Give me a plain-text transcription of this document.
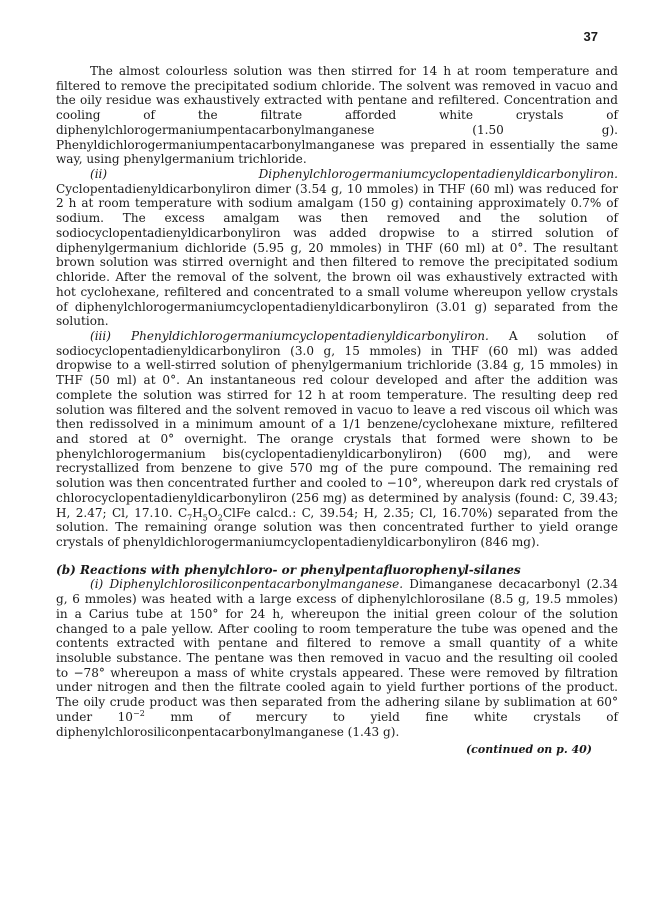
37

The almost colourless solution was then stirred for 14 h at room temperature and filtered to remove the precipitated sodium chloride. The solvent was removed in vacuo and the oily residue was exhaustively extracted with pentane and refiltered. Concentration and cooling of the filtrate afforded white crystals of diphenylchlorogermaniumpentacarbonylmanganese (1.50 g). Phenyldichlorogermaniumpentacarbonylmanganese was prepared in essentially the same way, using phenylgermanium trichloride.

(ii) Diphenylchlorogermaniumcyclopentadienyldicarbonyliron. Cyclopentadienyldicarbonyliron dimer (3.54 g, 10 mmoles) in THF (60 ml) was reduced for 2 h at room temperature with sodium amalgam (150 g) containing approximately 0.7% of sodium. The excess amalgam was then removed and the solution of sodiocyclopentadienyldicarbonyliron was added dropwise to a stirred solution of diphenylgermanium dichloride (5.95 g, 20 mmoles) in THF (60 ml) at 0°. The resultant brown solution was stirred overnight and then filtered to remove the precipitated sodium chloride. After the removal of the solvent, the brown oil was exhaustively extracted with hot cyclohexane, refiltered and concentrated to a small volume whereupon yellow crystals of diphenylchlorogermaniumcyclopentadienyldicarbonyliron (3.01 g) separated from the solution.

(iii) Phenyldichlorogermaniumcyclopentadienyldicarbonyliron. A solution of sodiocyclopentadienyldicarbonyliron (3.0 g, 15 mmoles) in THF (60 ml) was added dropwise to a well-stirred solution of phenylgermanium trichloride (3.84 g, 15 mmoles) in THF (50 ml) at 0°. An instantaneous red colour developed and after the addition was complete the solution was stirred for 12 h at room temperature. The resulting deep red solution was filtered and the solvent removed in vacuo to leave a red viscous oil which was then redissolved in a minimum amount of a 1/1 benzene/cyclohexane mixture, refiltered and stored at 0° overnight. The orange crystals that formed were shown to be phenylchlorogermanium bis(cyclopentadienyldicarbonyliron) (600 mg), and were recrystallized from benzene to give 570 mg of the pure compound. The remaining red solution was then concentrated further and cooled to −10°, whereupon dark red crystals of chlorocyclopentadienyldicarbonyliron (256 mg) as determined by analysis (found: C, 39.43; H, 2.47; Cl, 17.10. $C_7H_5O_2ClFe$ calcd.: C, 39.54; H, 2.35; Cl, 16.70%) separated from the solution. The remaining orange solution was then concentrated further to yield orange crystals of phenyldichlorogermaniumcyclopentadienyldicarbonyliron (846 mg).

(b) Reactions with phenylchloro- or phenylpentafluorophenyl-silanes

(i) Diphenylchlorosiliconpentacarbonylmanganese. Dimanganese decacarbonyl (2.34 g, 6 mmoles) was heated with a large excess of diphenylchlorosilane (8.5 g, 19.5 mmoles) in a Carius tube at 150° for 24 h, whereupon the initial green colour of the solution changed to a pale yellow. After cooling to room temperature the tube was opened and the contents extracted with pentane and filtered to remove a small quantity of a white insoluble substance. The pentane was then removed in vacuo and the resulting oil cooled to −78° whereupon a mass of white crystals appeared. These were removed by filtration under nitrogen and then the filtrate cooled again to yield further portions of the product. The oily crude product was then separated from the adhering silane by sublimation at 60° under $10^{-2}$ mm of mercury to yield fine white crystals of diphenylchlorosiliconpentacarbonylmanganese (1.43 g).

(continued on p. 40)
